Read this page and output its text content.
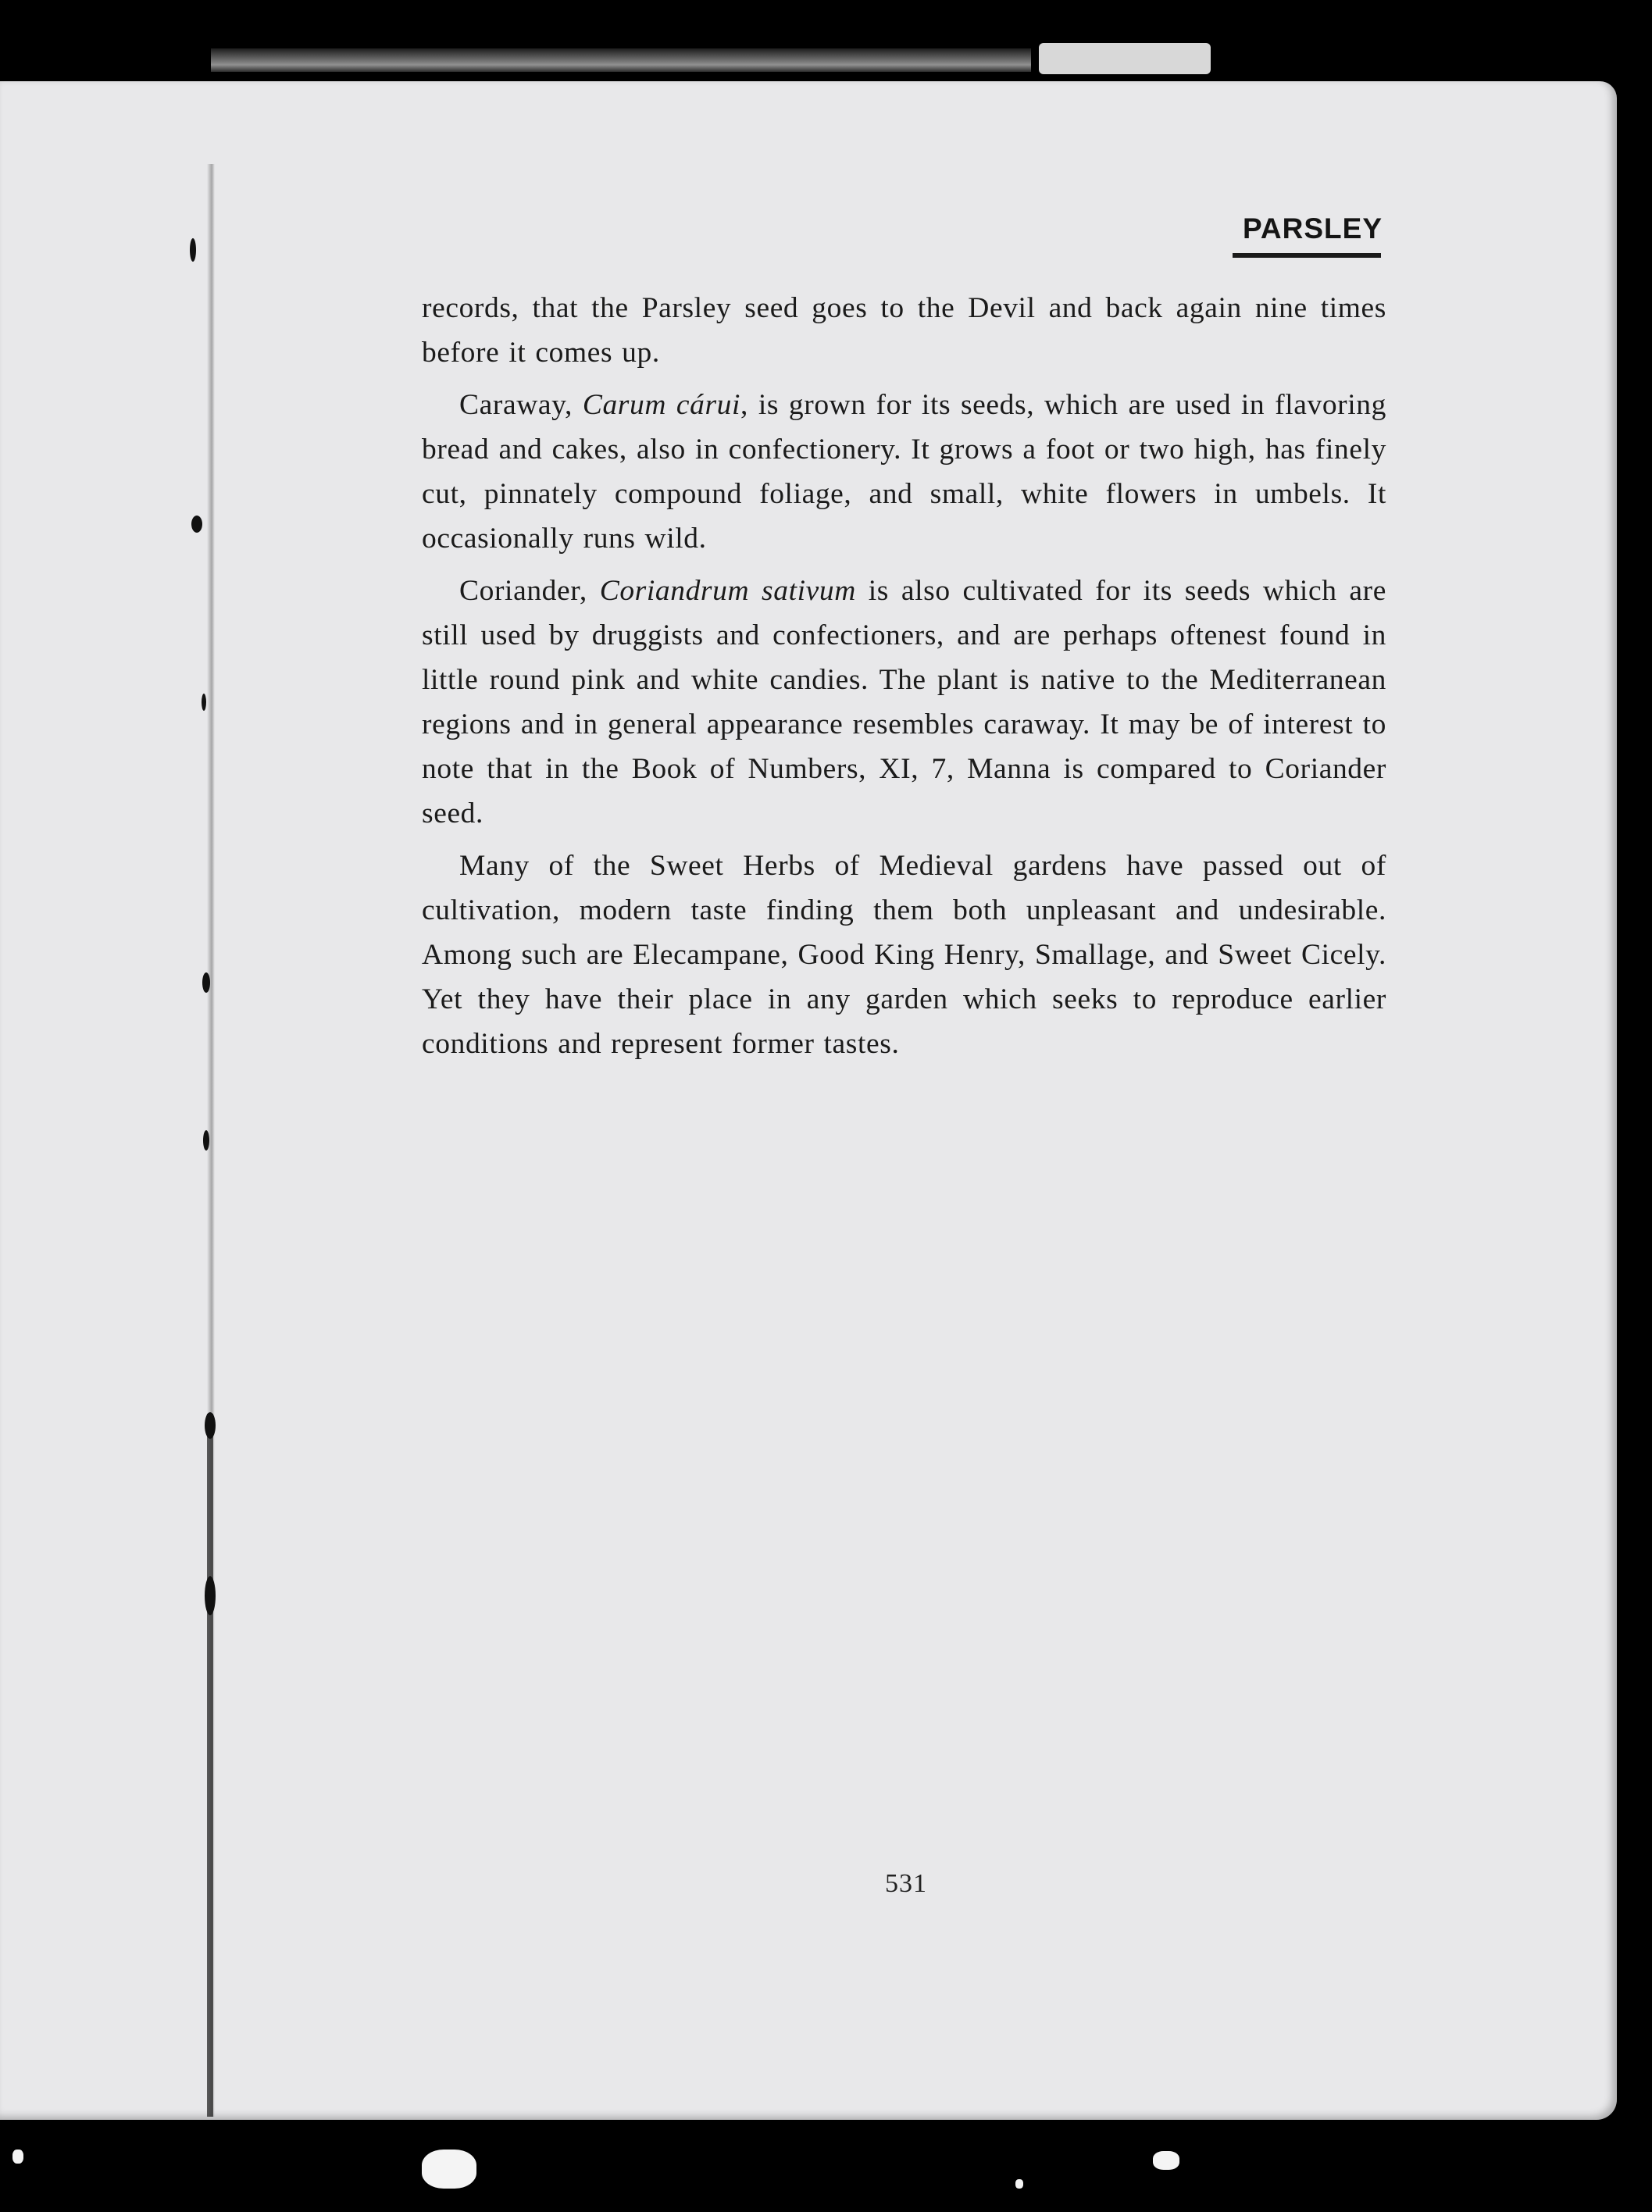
PARSLEY

records, that the Parsley seed goes to the Devil and back again nine times before it comes up.

Caraway, Carum cárui, is grown for its seeds, which are used in flavoring bread and cakes, also in confectionery. It grows a foot or two high, has finely cut, pinnately compound foliage, and small, white flowers in umbels. It occasionally runs wild.

Coriander, Coriandrum sativum is also cultivated for its seeds which are still used by druggists and confectioners, and are perhaps oftenest found in little round pink and white candies. The plant is native to the Mediterranean regions and in general appearance resembles caraway. It may be of interest to note that in the Book of Numbers, XI, 7, Manna is compared to Coriander seed.

Many of the Sweet Herbs of Medieval gardens have passed out of cultivation, modern taste finding them both unpleasant and undesirable. Among such are Elecampane, Good King Henry, Smallage, and Sweet Cicely. Yet they have their place in any garden which seeks to reproduce earlier conditions and represent former tastes.

531
